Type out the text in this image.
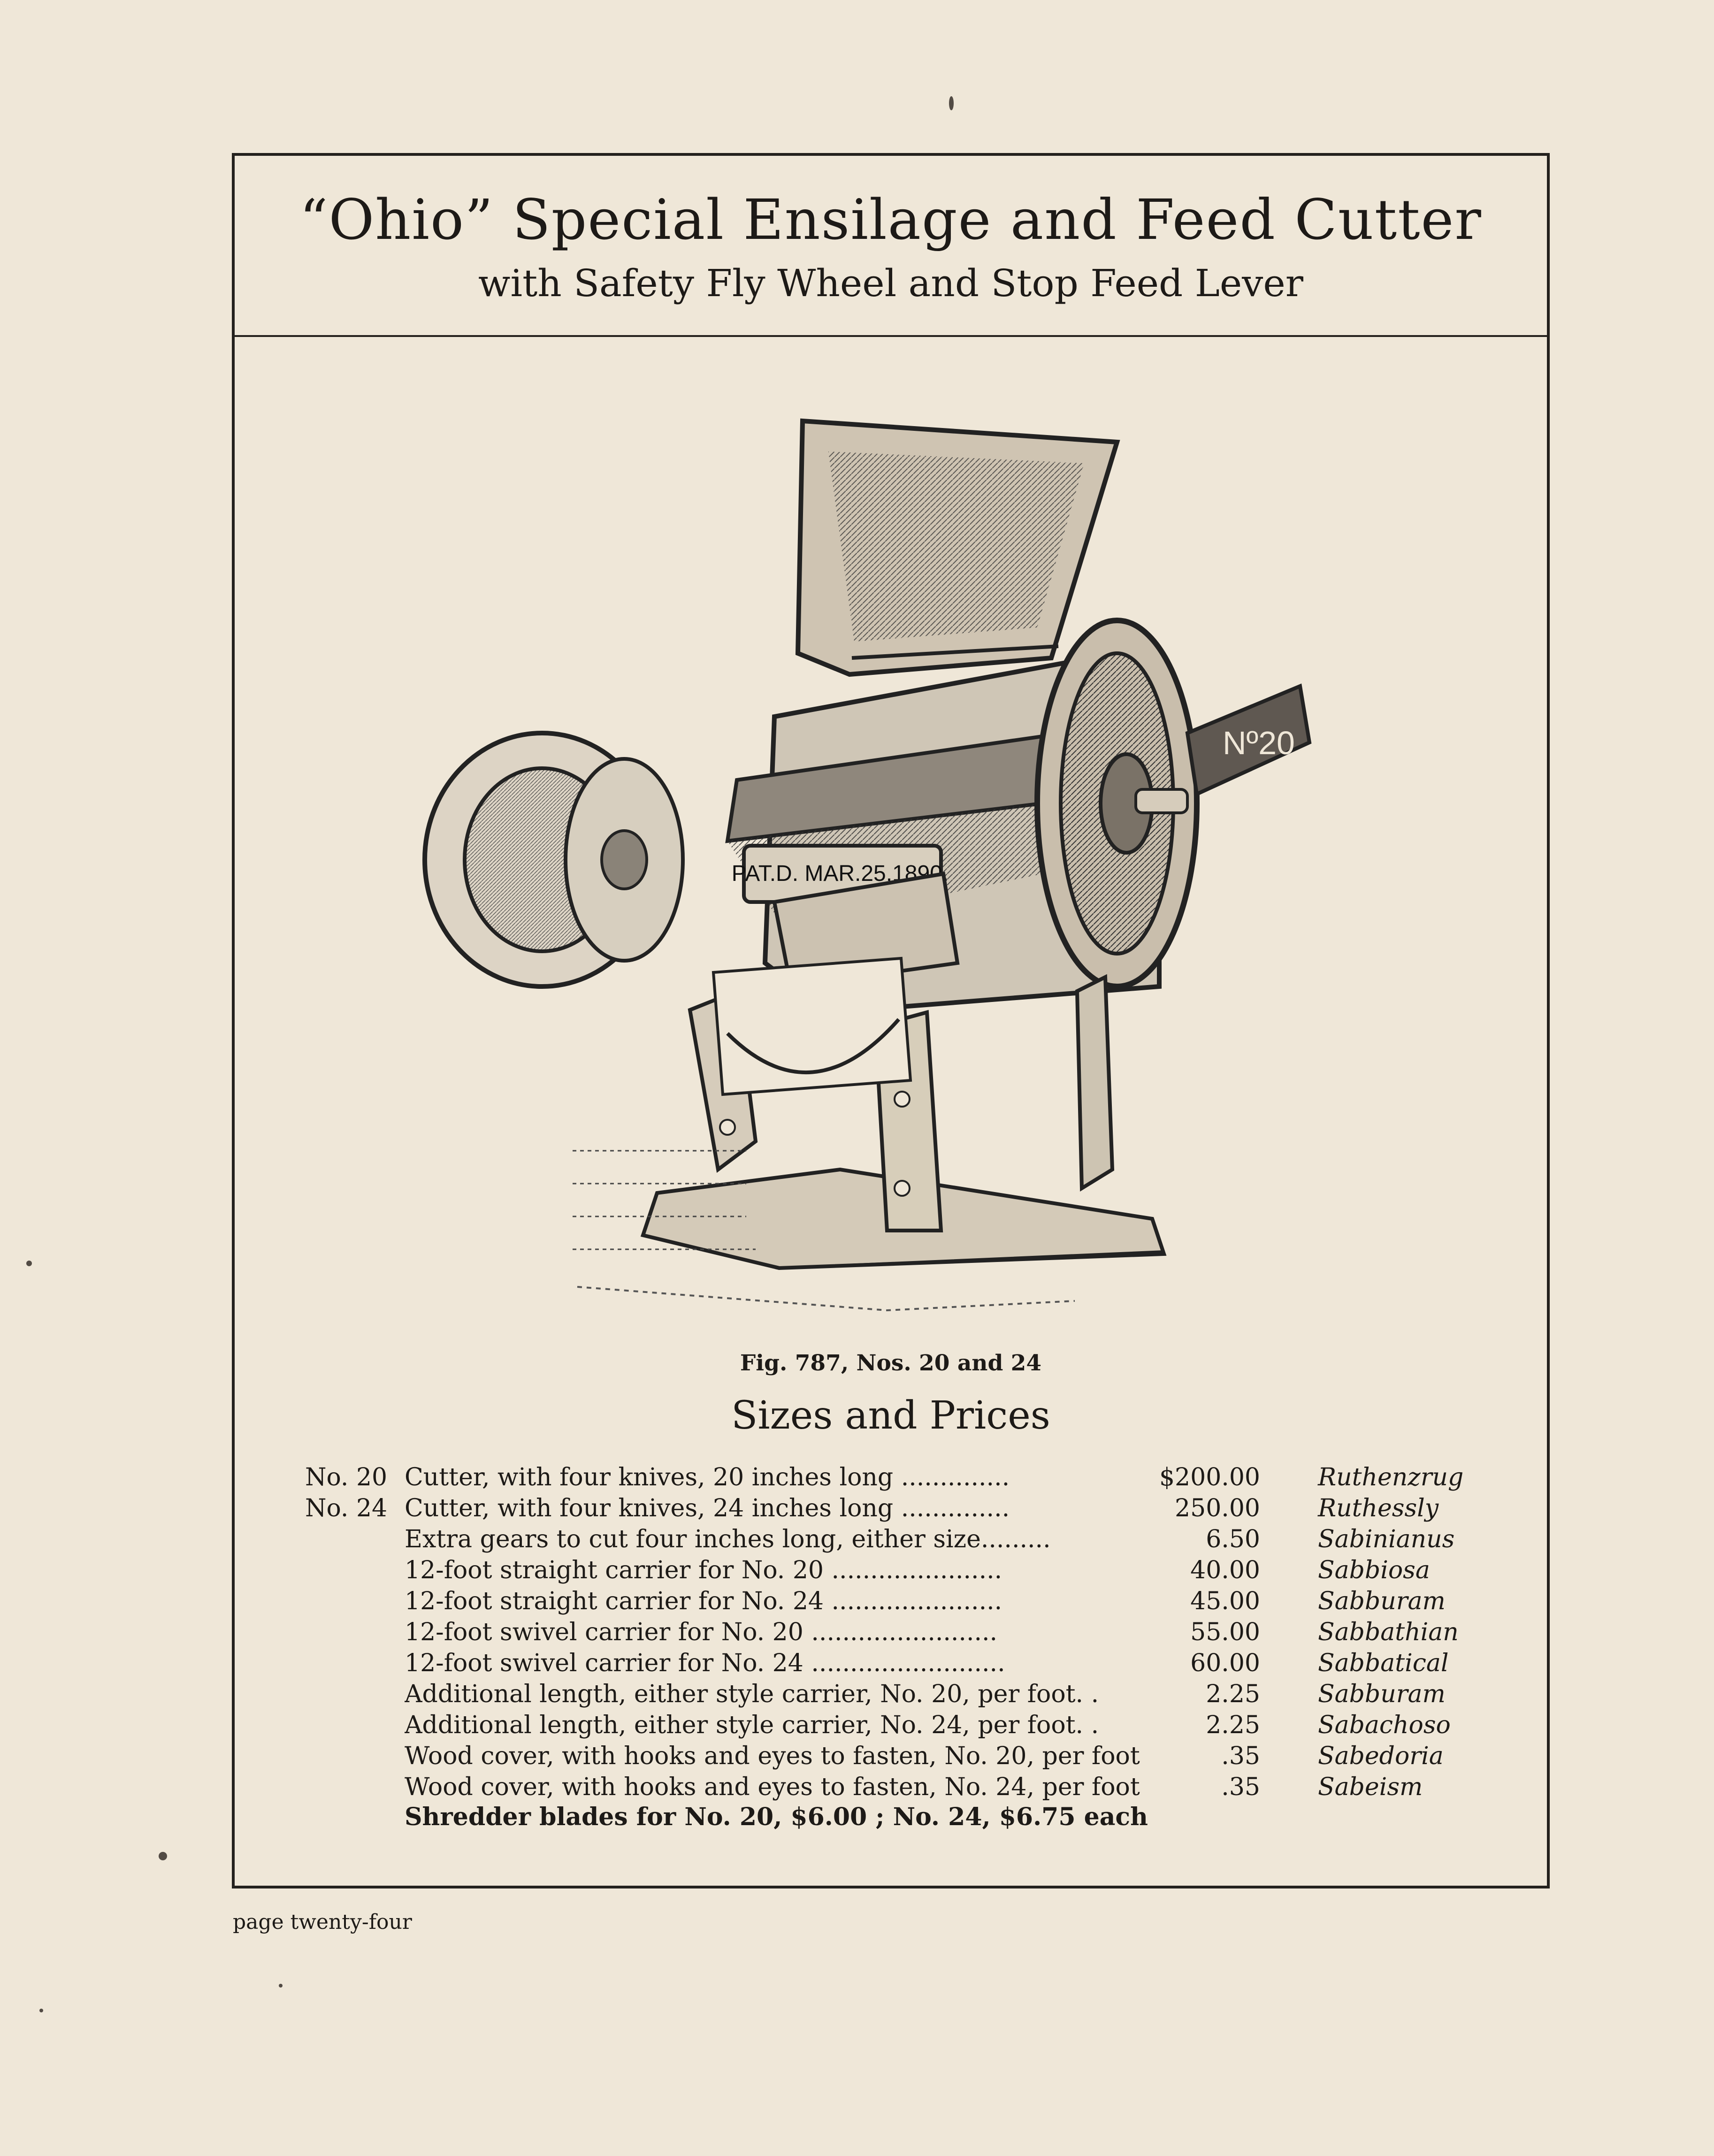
“Ohio” Special Ensilage and Feed Cutter
with Safety Fly Wheel and Stop Feed Lever
PAT.D. MAR.25,1890.
Nº20
Fig. 787, Nos. 20 and 24
Sizes and Prices
No. 20 Cutter, with four knives, 20 inches long ..............	$200.00 Ruthenzrug
No. 24 Cutter, with four knives, 24 inches long ..............	250.00 Ruthessly
Extra gears to cut four inches long, either size.........	6.50 Sabinianus
12-foot straight carrier for No. 20 ......................	40.00 Sabbiosa
12-foot straight carrier for No. 24 ......................	45.00 Sabburam
12-foot swivel carrier for No. 20 ........................	55.00 Sabbathian
12-foot swivel carrier for No. 24 .........................	60.00 Sabbatical
Additional length, either style carrier, No. 20, per foot. .	2.25 Sabburam
Additional length, either style carrier, No. 24, per foot. .	2.25 Sabachoso
Wood cover, with hooks and eyes to fasten, No. 20, per foot	.35 Sabedoria
Wood cover, with hooks and eyes to fasten, No. 24, per foot	.35 Sabeism
Shredder blades for No. 20, $6.00 ; No. 24, $6.75 each
page twenty-four
